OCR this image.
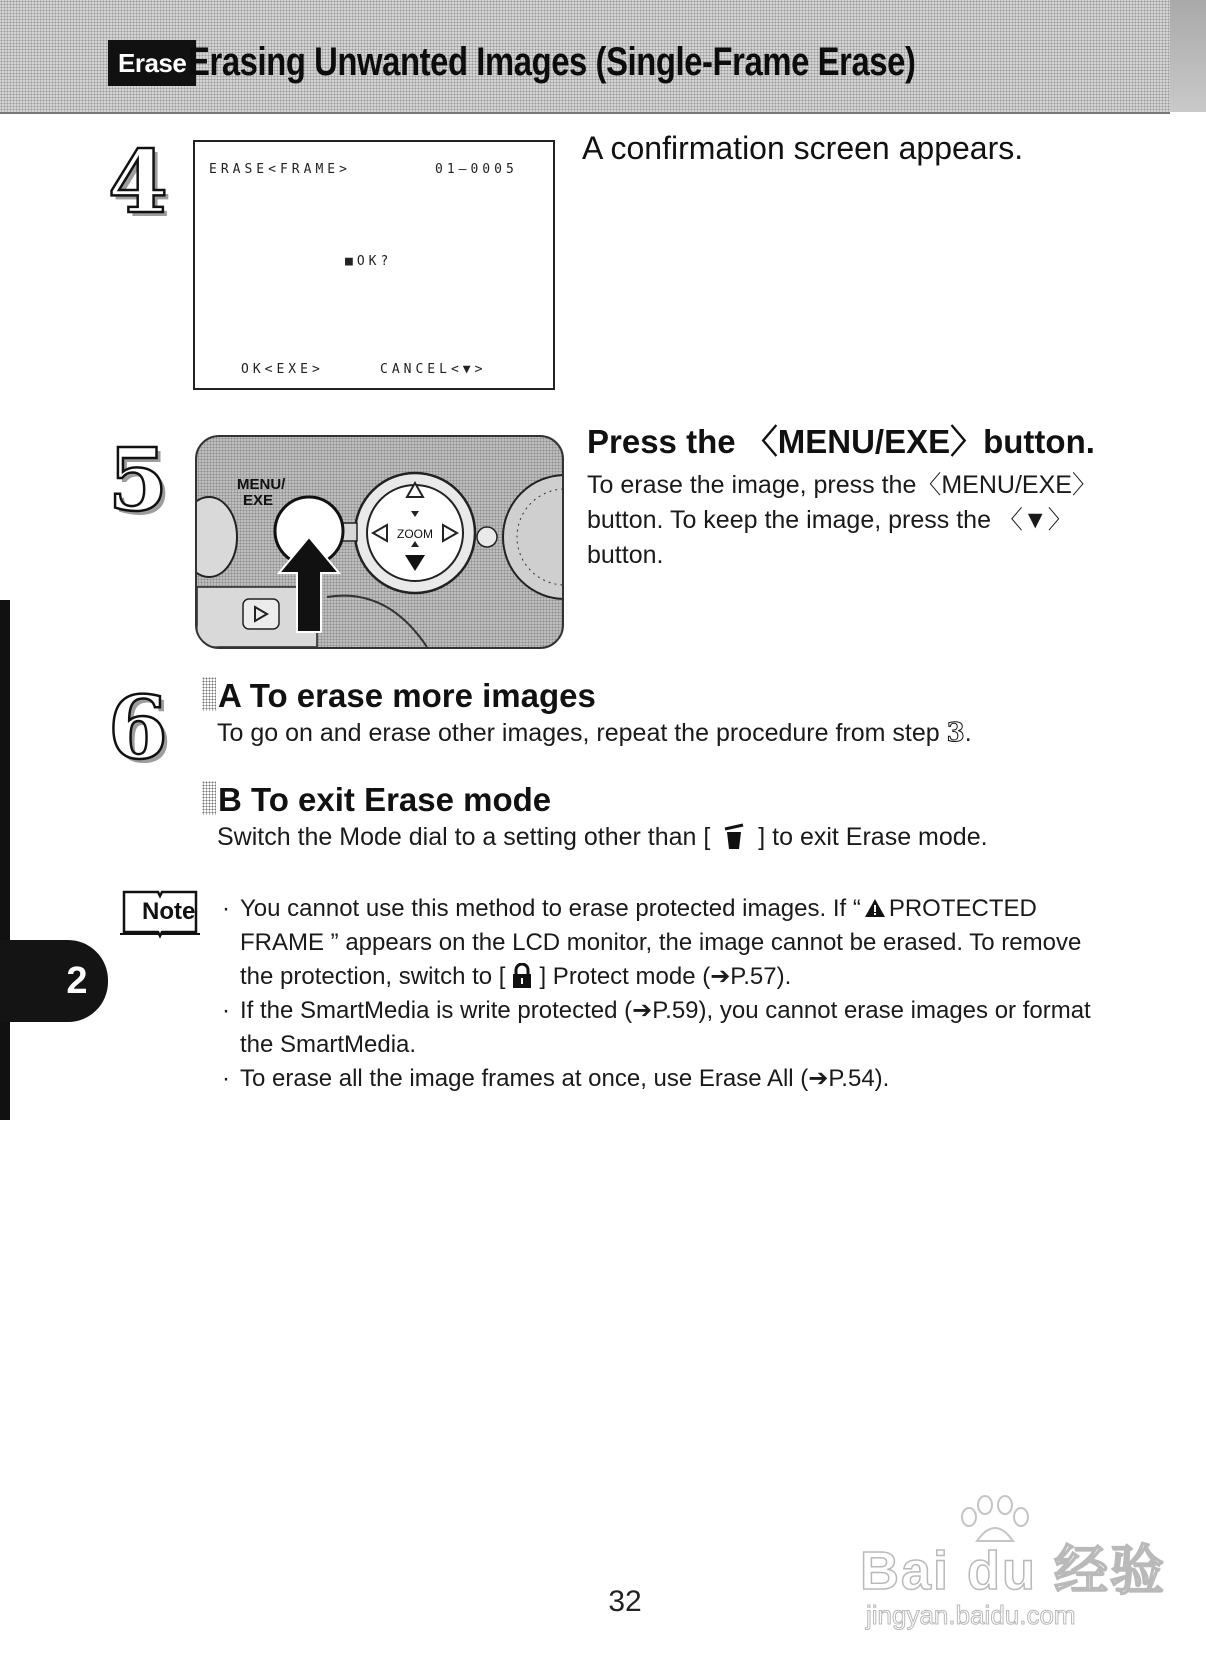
Erase Erasing Unwanted Images (Single-Frame Erase)
2
4	ERASE<FRAME>	01–0005
■OK?
OK<EXE>	CANCEL<▼>
A confirmation screen appears.
5
ZOOM
MENU/
EXE
Press the 〈MENU/EXE〉button.
To erase the image, press the〈MENU/EXE〉 button. To keep the image, press the 〈▼〉 button.
6	A To erase more images
To go on and erase other images, repeat the procedure from step 3.
B To exit Erase mode
Switch the Mode dial to a setting other than [ ] to exit Erase mode.
Note
·	You cannot use this method to erase protected images. If “ PROTECTED FRAME ” appears on the LCD monitor, the image cannot be erased. To remove the protection, switch to [ ] Protect mode (➔P.57).
· If the SmartMedia is write protected (➔P.59), you cannot erase images or format the SmartMedia.
· To erase all the image frames at once, use Erase All (➔P.54).
32
Bai du 经验
jingyan.baidu.com
